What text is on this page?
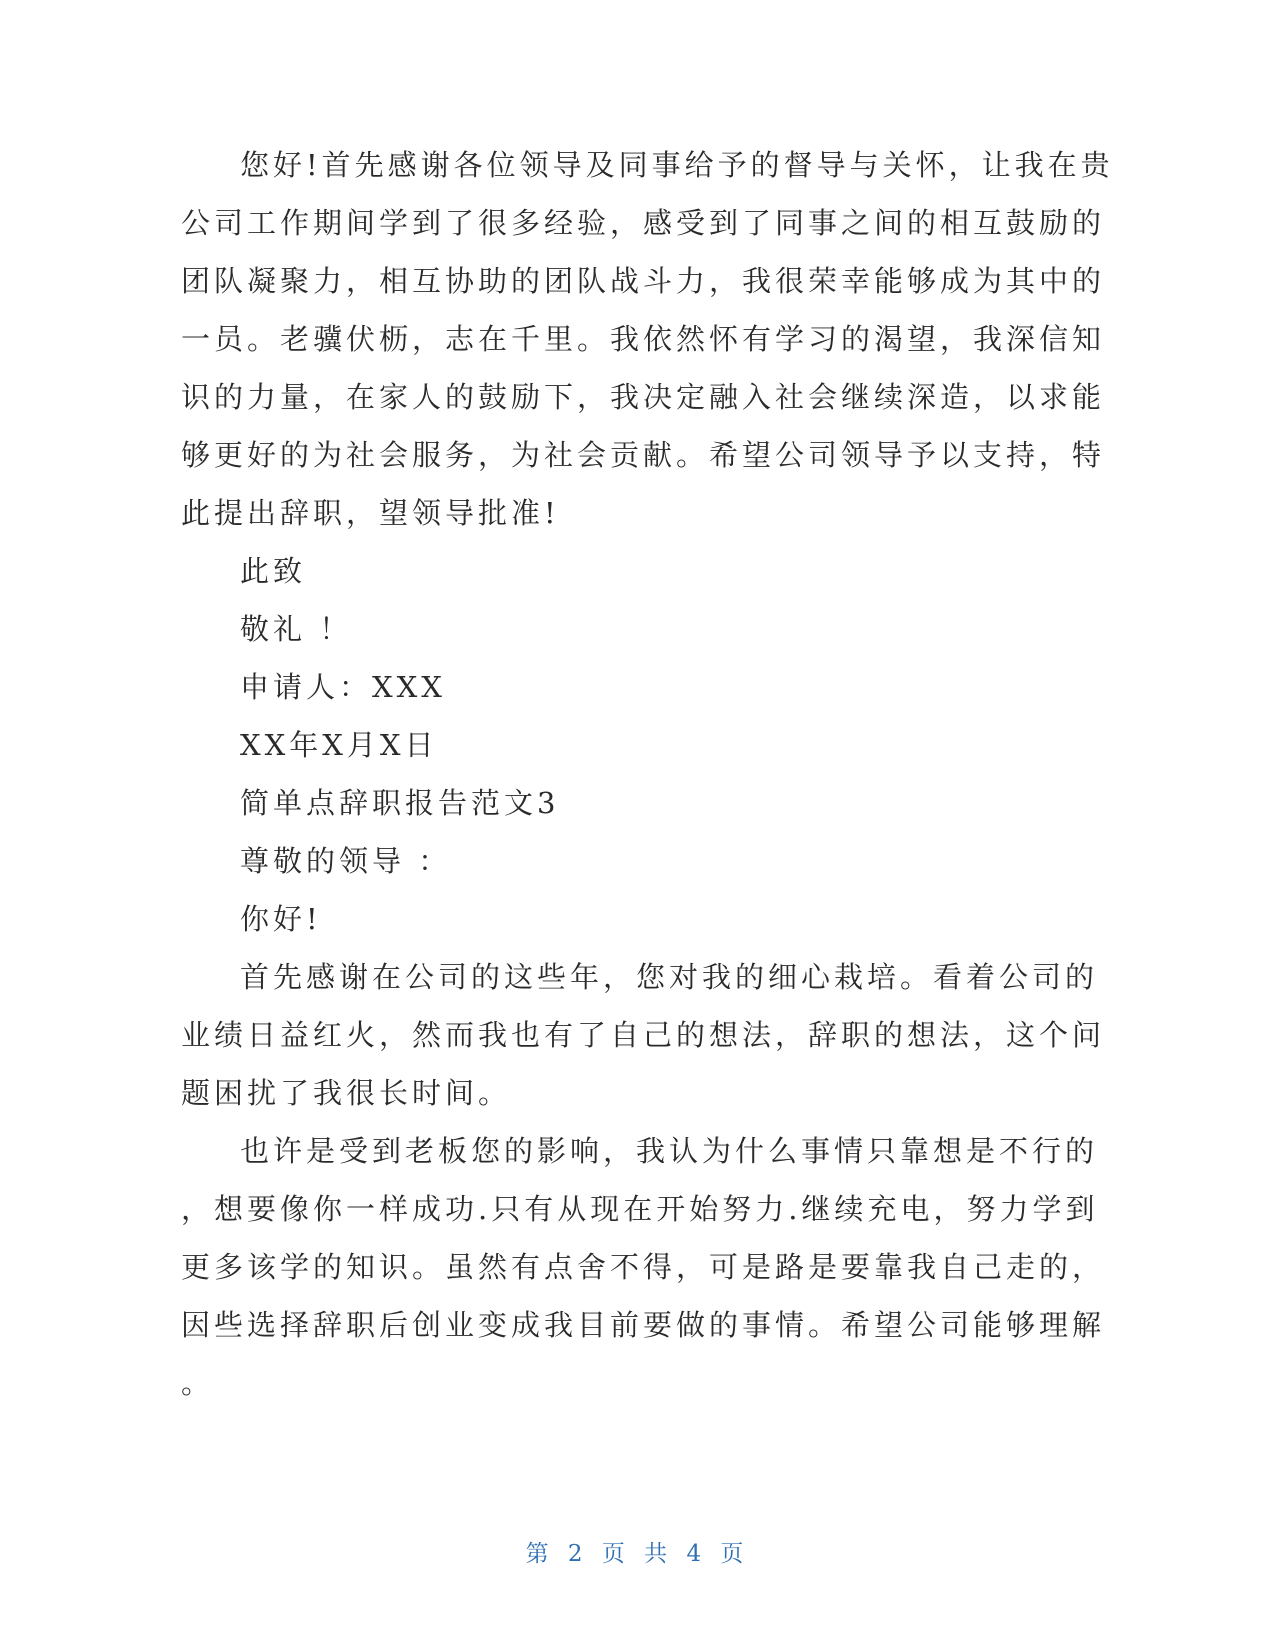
您好!首先感谢各位领导及同事给予的督导与关怀，让我在贵
公司工作期间学到了很多经验，感受到了同事之间的相互鼓励的
团队凝聚力，相互协助的团队战斗力，我很荣幸能够成为其中的
一员。老骥伏枥，志在千里。我依然怀有学习的渴望，我深信知
识的力量，在家人的鼓励下，我决定融入社会继续深造，以求能
够更好的为社会服务，为社会贡献。希望公司领导予以支持，特
此提出辞职，望领导批准!
此致
敬礼 ！
申请人：XXX
XX年X月X日
简单点辞职报告范文3
尊敬的领导 ：
你好!
首先感谢在公司的这些年，您对我的细心栽培。看着公司的
业绩日益红火，然而我也有了自己的想法，辞职的想法，这个问
题困扰了我很长时间。
也许是受到老板您的影响，我认为什么事情只靠想是不行的
，想要像你一样成功.只有从现在开始努力.继续充电，努力学到
更多该学的知识。虽然有点舍不得，可是路是要靠我自己走的，
因些选择辞职后创业变成我目前要做的事情。希望公司能够理解
。
第 2 页 共 4 页
